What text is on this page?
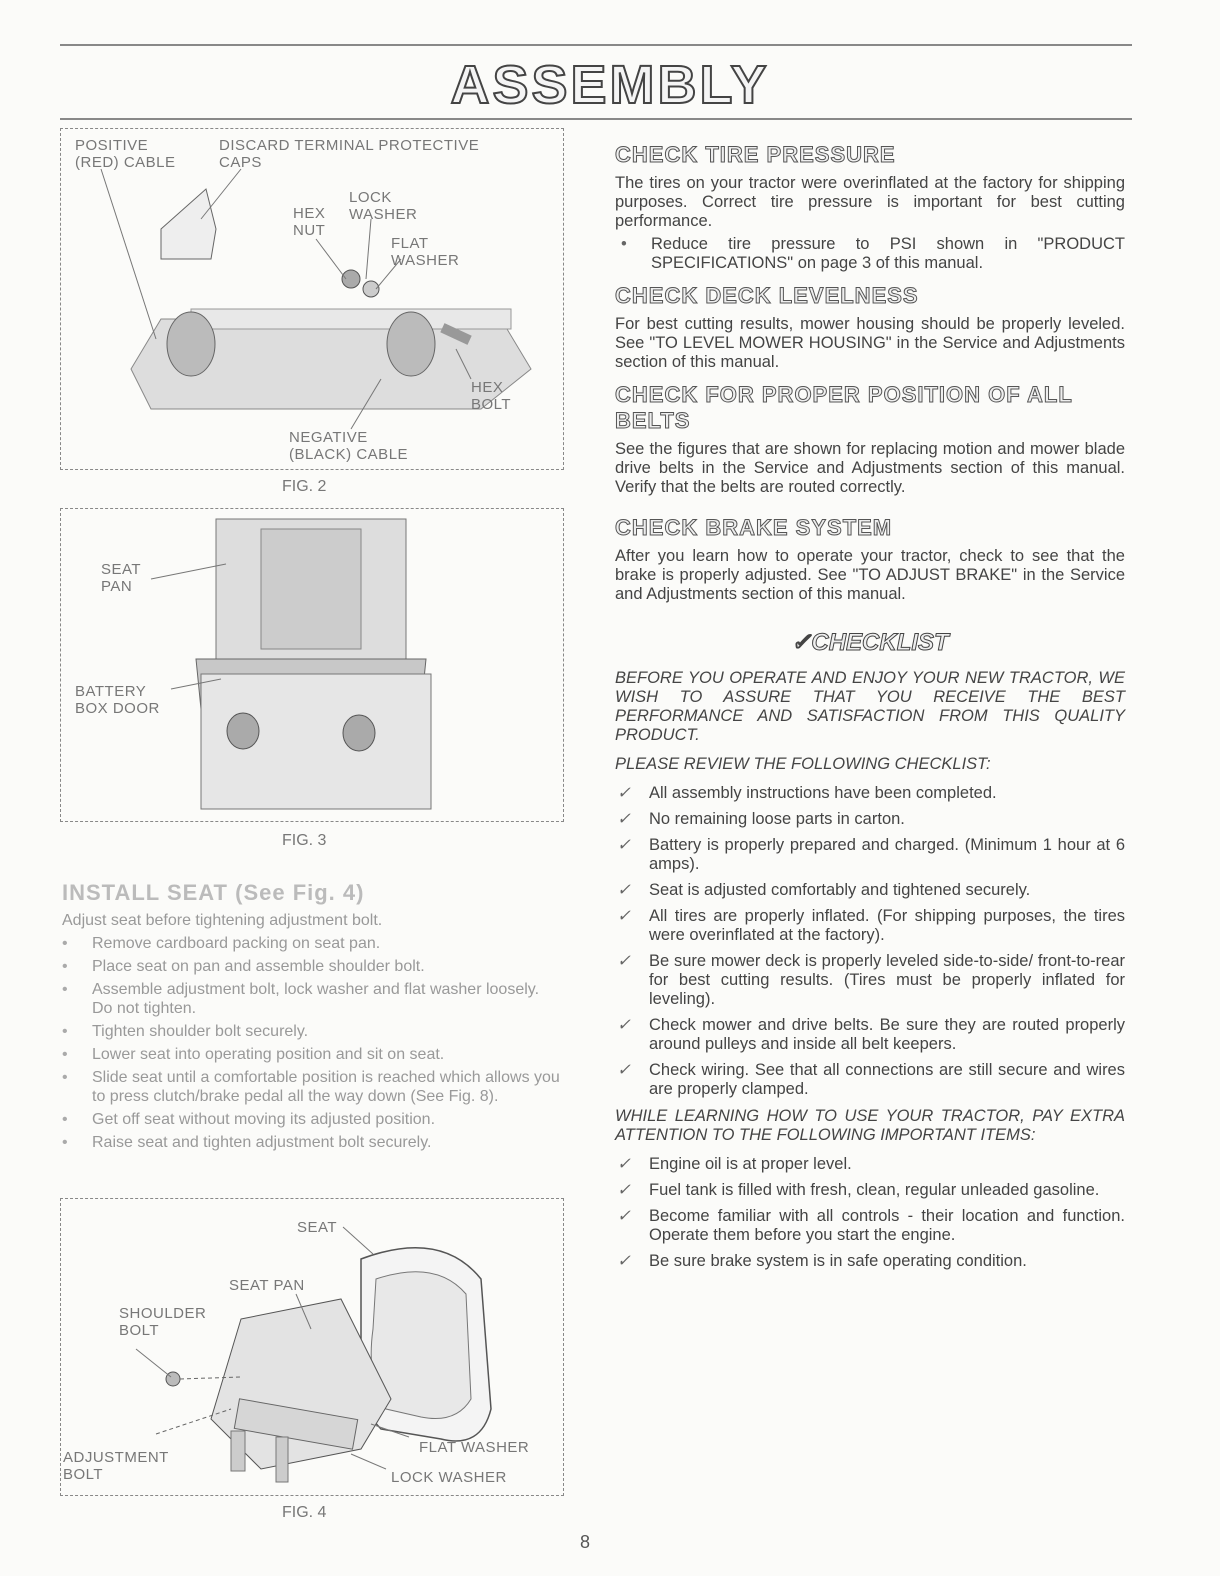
ASSEMBLY
POSITIVE
(RED) CABLE
DISCARD TERMINAL PROTECTIVE
CAPS
LOCK
WASHER
HEX
NUT
FLAT
WASHER
HEX
BOLT
NEGATIVE
(BLACK) CABLE
FIG. 2
SEAT
PAN
BATTERY
BOX DOOR
FIG. 3
INSTALL SEAT (See Fig. 4)

Adjust seat before tightening adjustment bolt.

• Remove cardboard packing on seat pan.
• Place seat on pan and assemble shoulder bolt.
• Assemble adjustment bolt, lock washer and flat washer loosely. Do not tighten.
• Tighten shoulder bolt securely.
• Lower seat into operating position and sit on seat.
• Slide seat until a comfortable position is reached which allows you to press clutch/brake pedal all the way down (See Fig. 8).
• Get off seat without moving its adjusted position.
• Raise seat and tighten adjustment bolt securely.
SEAT
SEAT PAN
SHOULDER
BOLT
ADJUSTMENT
BOLT
FLAT WASHER
LOCK WASHER
FIG. 4
CHECK TIRE PRESSURE

The tires on your tractor were overinflated at the factory for shipping purposes. Correct tire pressure is important for best cutting performance.

• Reduce tire pressure to PSI shown in "PRODUCT SPECIFICATIONS" on page 3 of this manual.

CHECK DECK LEVELNESS

For best cutting results, mower housing should be properly leveled. See "TO LEVEL MOWER HOUSING" in the Service and Adjustments section of this manual.

CHECK FOR PROPER POSITION OF ALL BELTS

See the figures that are shown for replacing motion and mower blade drive belts in the Service and Adjustments section of this manual. Verify that the belts are routed correctly.

CHECK BRAKE SYSTEM

After you learn how to operate your tractor, check to see that the brake is properly adjusted. See "TO ADJUST BRAKE" in the Service and Adjustments section of this manual.

✓CHECKLIST

BEFORE YOU OPERATE AND ENJOY YOUR NEW TRACTOR, WE WISH TO ASSURE THAT YOU RECEIVE THE BEST PERFORMANCE AND SATISFACTION FROM THIS QUALITY PRODUCT.

PLEASE REVIEW THE FOLLOWING CHECKLIST:

✓ All assembly instructions have been completed.
✓ No remaining loose parts in carton.
✓ Battery is properly prepared and charged. (Minimum 1 hour at 6 amps).
✓ Seat is adjusted comfortably and tightened securely.
✓ All tires are properly inflated. (For shipping purposes, the tires were overinflated at the factory).
✓ Be sure mower deck is properly leveled side-to-side/ front-to-rear for best cutting results. (Tires must be properly inflated for leveling).
✓ Check mower and drive belts. Be sure they are routed properly around pulleys and inside all belt keepers.
✓ Check wiring. See that all connections are still secure and wires are properly clamped.

WHILE LEARNING HOW TO USE YOUR TRACTOR, PAY EXTRA ATTENTION TO THE FOLLOWING IMPORTANT ITEMS:

✓ Engine oil is at proper level.
✓ Fuel tank is filled with fresh, clean, regular unleaded gasoline.
✓ Become familiar with all controls - their location and function. Operate them before you start the engine.
✓ Be sure brake system is in safe operating condition.
8
